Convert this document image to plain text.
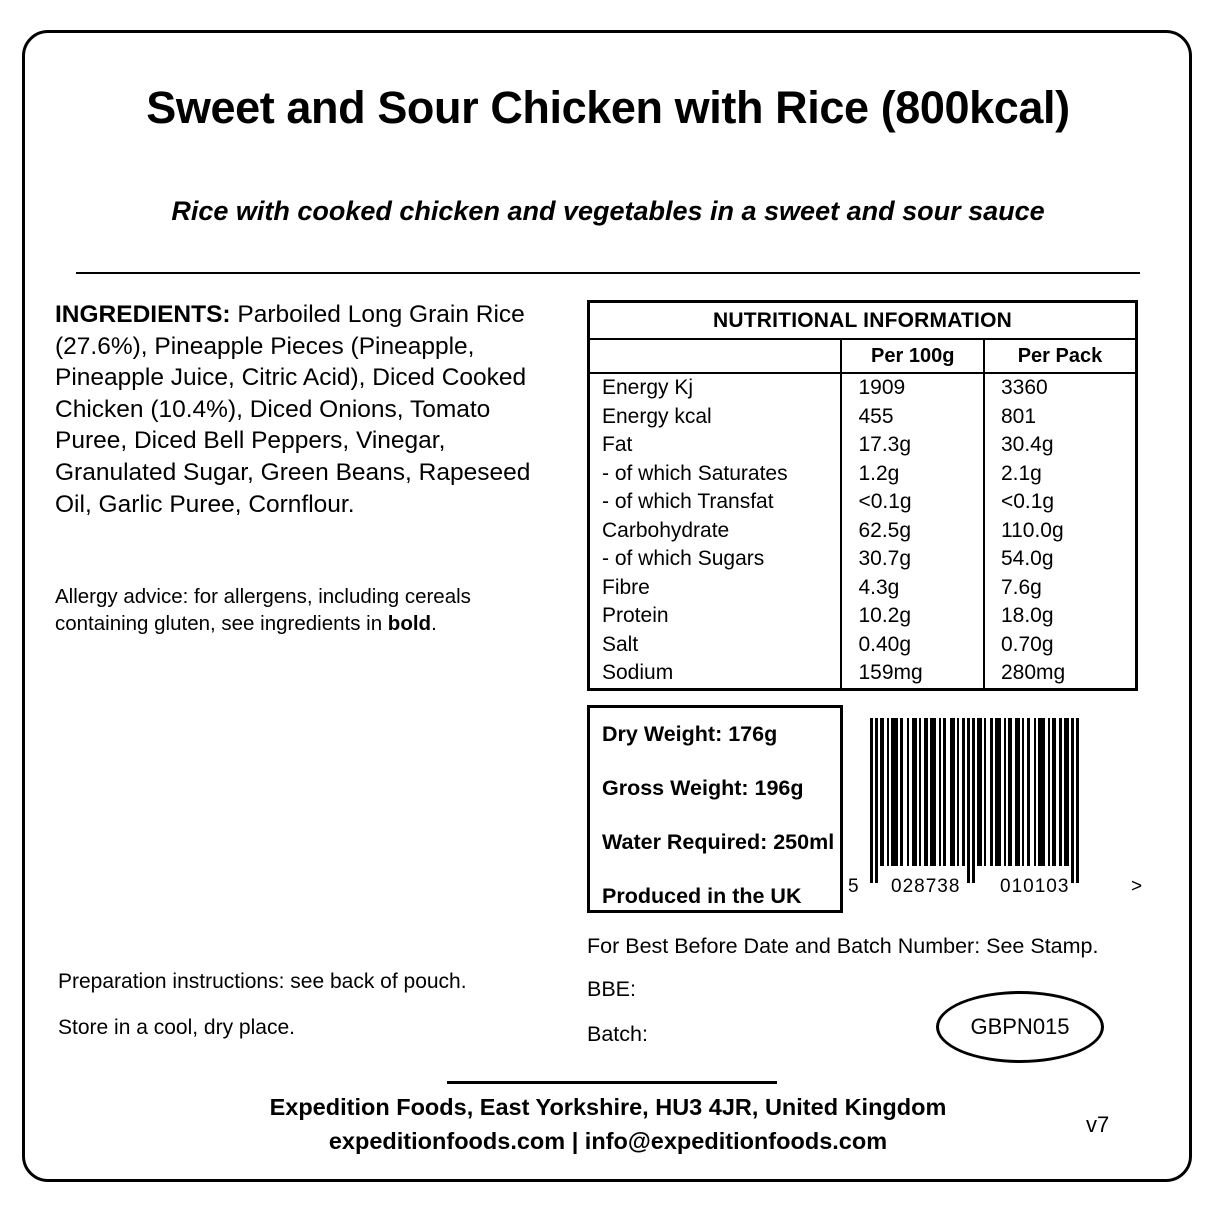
Sweet and Sour Chicken with Rice (800kcal)
Rice with cooked chicken and vegetables in a sweet and sour sauce
INGREDIENTS: Parboiled Long Grain Rice (27.6%), Pineapple Pieces (Pineapple, Pineapple Juice, Citric Acid), Diced Cooked Chicken (10.4%), Diced Onions, Tomato Puree, Diced Bell Peppers, Vinegar, Granulated Sugar, Green Beans, Rapeseed Oil, Garlic Puree, Cornflour.
Allergy advice: for allergens, including cereals containing gluten, see ingredients in bold.
Preparation instructions: see back of pouch.
Store in a cool, dry place.
NUTRITIONAL INFORMATION
	Per 100g	Per Pack
Energy Kj	1909	3360
Energy kcal	455	801
Fat	17.3g	30.4g
- of which Saturates	1.2g	2.1g
- of which Transfat	<0.1g	<0.1g
Carbohydrate	62.5g	110.0g
- of which Sugars	30.7g	54.0g
Fibre	4.3g	7.6g
Protein	10.2g	18.0g
Salt	0.40g	0.70g
Sodium	159mg	280mg
Dry Weight: 176g
Gross Weight: 196g
Water Required: 250ml
Produced in the UK	5 028738 010103	>
For Best Before Date and Batch Number: See Stamp.
BBE:
Batch:	GBPN015
Expedition Foods, East Yorkshire, HU3 4JR, United Kingdom
expeditionfoods.com | info@expeditionfoods.com
v7
